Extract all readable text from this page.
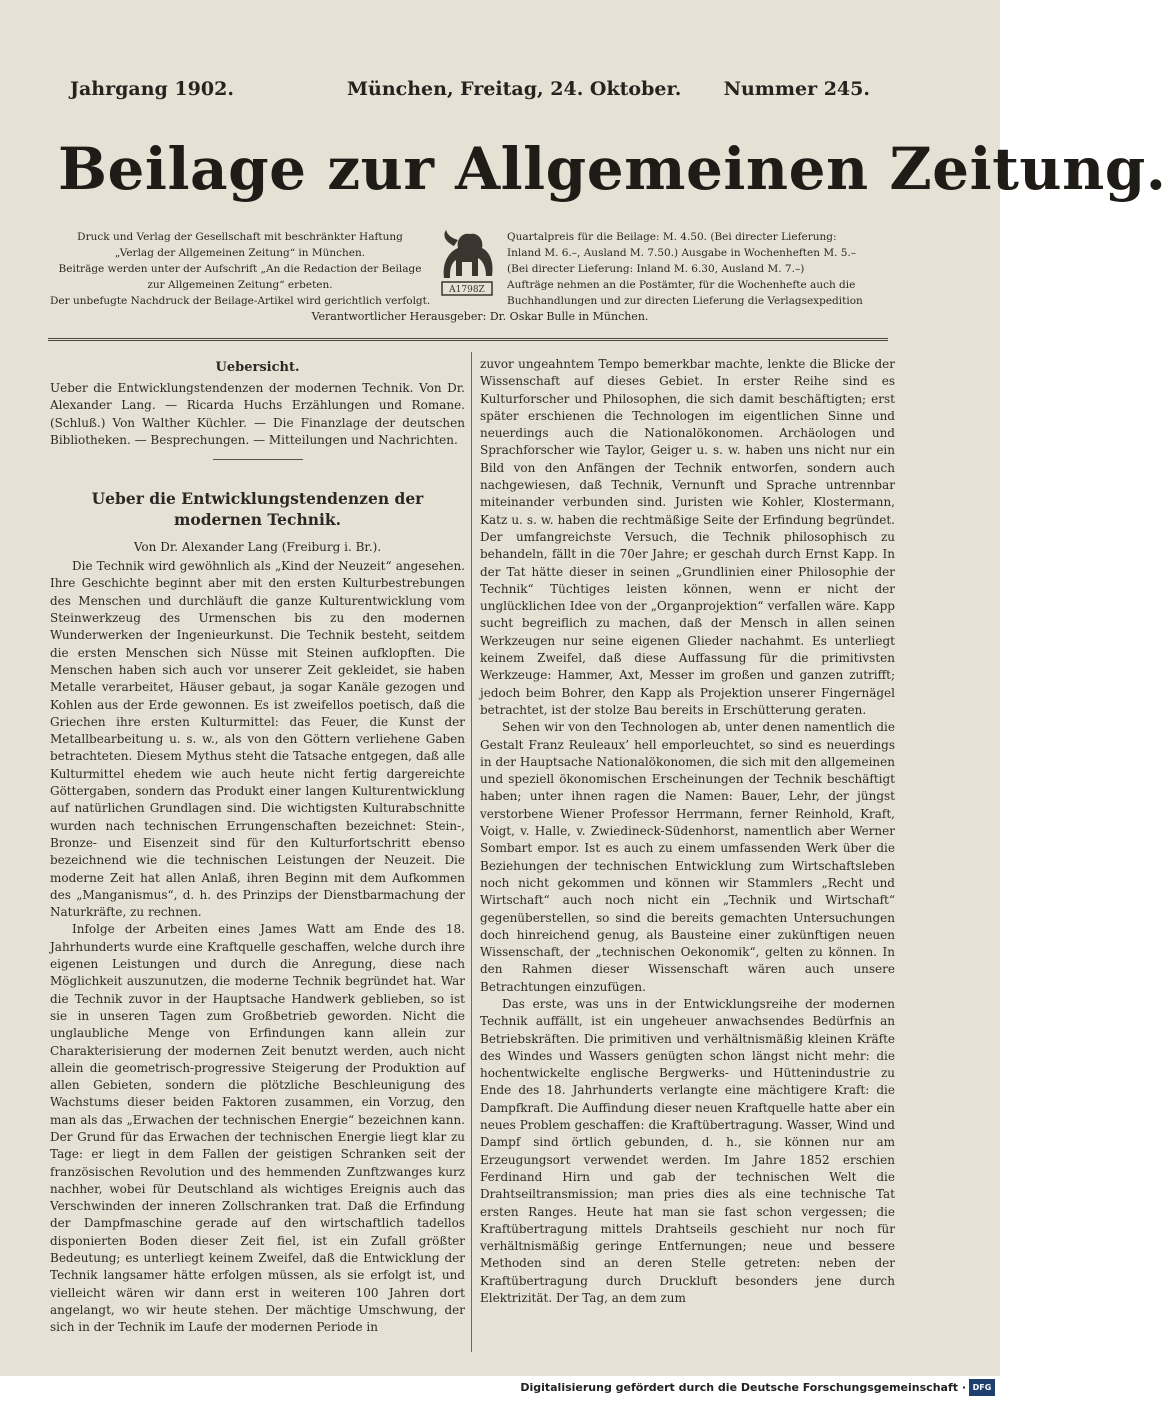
Jahrgang 1902.	München, Freitag, 24. Oktober. Nummer 245.
Beilage zur Allgemeinen Zeitung.
Druck und Verlag der Gesellschaft mit beschränkter Haftung
„Verlag der Allgemeinen Zeitung“ in München.
Beiträge werden unter der Aufschrift „An die Redaction der Beilage
zur Allgemeinen Zeitung“ erbeten.
Der unbefugte Nachdruck der Beilage-Artikel wird gerichtlich verfolgt.
A1798Z
Quartalpreis für die Beilage: M. 4.50. (Bei directer Lieferung:
Inland M. 6.–, Ausland M. 7.50.) Ausgabe in Wochenheften M. 5.–
(Bei directer Lieferung: Inland M. 6.30, Ausland M. 7.–)
Aufträge nehmen an die Postämter, für die Wochenhefte auch die
Buchhandlungen und zur directen Lieferung die Verlagsexpedition
Verantwortlicher Herausgeber: Dr. Oskar Bulle in München.
Uebersicht.

Ueber die Entwicklungstendenzen der modernen Technik. Von Dr. Alexander Lang. — Ricarda Huchs Erzählungen und Romane. (Schluß.) Von Walther Küchler. — Die Finanzlage der deutschen Bibliotheken. — Besprechungen. — Mitteilungen und Nachrichten.

Ueber die Entwicklungstendenzen der modernen Technik.
Von Dr. Alexander Lang (Freiburg i. Br.).

Die Technik wird gewöhnlich als „Kind der Neuzeit“ angesehen. Ihre Geschichte beginnt aber mit den ersten Kulturbestrebungen des Menschen und durchläuft die ganze Kulturentwicklung vom Steinwerkzeug des Urmenschen bis zu den modernen Wunderwerken der Ingenieurkunst. Die Technik besteht, seitdem die ersten Menschen sich Nüsse mit Steinen aufklopften. Die Menschen haben sich auch vor unserer Zeit gekleidet, sie haben Metalle verarbeitet, Häuser gebaut, ja sogar Kanäle gezogen und Kohlen aus der Erde gewonnen. Es ist zweifellos poetisch, daß die Griechen ihre ersten Kulturmittel: das Feuer, die Kunst der Metallbearbeitung u. s. w., als von den Göttern verliehene Gaben betrachteten. Diesem Mythus steht die Tatsache entgegen, daß alle Kulturmittel ehedem wie auch heute nicht fertig dargereichte Göttergaben, sondern das Produkt einer langen Kulturentwicklung auf natürlichen Grundlagen sind. Die wichtigsten Kulturabschnitte wurden nach technischen Errungenschaften bezeichnet: Stein-, Bronze- und Eisenzeit sind für den Kulturfortschritt ebenso bezeichnend wie die technischen Leistungen der Neuzeit. Die moderne Zeit hat allen Anlaß, ihren Beginn mit dem Aufkommen des „Manganismus“, d. h. des Prinzips der Dienstbarmachung der Naturkräfte, zu rechnen.

Infolge der Arbeiten eines James Watt am Ende des 18. Jahrhunderts wurde eine Kraftquelle geschaffen, welche durch ihre eigenen Leistungen und durch die Anregung, diese nach Möglichkeit auszunutzen, die moderne Technik begründet hat. War die Technik zuvor in der Hauptsache Handwerk geblieben, so ist sie in unseren Tagen zum Großbetrieb geworden. Nicht die unglaubliche Menge von Erfindungen kann allein zur Charakterisierung der modernen Zeit benutzt werden, auch nicht allein die geometrisch-progressive Steigerung der Produktion auf allen Gebieten, sondern die plötzliche Beschleunigung des Wachstums dieser beiden Faktoren zusammen, ein Vorzug, den man als das „Erwachen der technischen Energie“ bezeichnen kann. Der Grund für das Erwachen der technischen Energie liegt klar zu Tage: er liegt in dem Fallen der geistigen Schranken seit der französischen Revolution und des hemmenden Zunftzwanges kurz nachher, wobei für Deutschland als wichtiges Ereignis auch das Verschwinden der inneren Zollschranken trat. Daß die Erfindung der Dampfmaschine gerade auf den wirtschaftlich tadellos disponierten Boden dieser Zeit fiel, ist ein Zufall größter Bedeutung; es unterliegt keinem Zweifel, daß die Entwicklung der Technik langsamer hätte erfolgen müssen, als sie erfolgt ist, und vielleicht wären wir dann erst in weiteren 100 Jahren dort angelangt, wo wir heute stehen. Der mächtige Umschwung, der sich in der Technik im Laufe der modernen Periode in

zuvor ungeahntem Tempo bemerkbar machte, lenkte die Blicke der Wissenschaft auf dieses Gebiet. In erster Reihe sind es Kulturforscher und Philosophen, die sich damit beschäftigten; erst später erschienen die Technologen im eigentlichen Sinne und neuerdings auch die Nationalökonomen. Archäologen und Sprachforscher wie Taylor, Geiger u. s. w. haben uns nicht nur ein Bild von den Anfängen der Technik entworfen, sondern auch nachgewiesen, daß Technik, Vernunft und Sprache untrennbar miteinander verbunden sind. Juristen wie Kohler, Klostermann, Katz u. s. w. haben die rechtmäßige Seite der Erfindung begründet. Der umfangreichste Versuch, die Technik philosophisch zu behandeln, fällt in die 70er Jahre; er geschah durch Ernst Kapp. In der Tat hätte dieser in seinen „Grundlinien einer Philosophie der Technik“ Tüchtiges leisten können, wenn er nicht der unglücklichen Idee von der „Organprojektion“ verfallen wäre. Kapp sucht begreiflich zu machen, daß der Mensch in allen seinen Werkzeugen nur seine eigenen Glieder nachahmt. Es unterliegt keinem Zweifel, daß diese Auffassung für die primitivsten Werkzeuge: Hammer, Axt, Messer im großen und ganzen zutrifft; jedoch beim Bohrer, den Kapp als Projektion unserer Fingernägel betrachtet, ist der stolze Bau bereits in Erschütterung geraten.

Sehen wir von den Technologen ab, unter denen namentlich die Gestalt Franz Reuleaux’ hell emporleuchtet, so sind es neuerdings in der Hauptsache Nationalökonomen, die sich mit den allgemeinen und speziell ökonomischen Erscheinungen der Technik beschäftigt haben; unter ihnen ragen die Namen: Bauer, Lehr, der jüngst verstorbene Wiener Professor Herrmann, ferner Reinhold, Kraft, Voigt, v. Halle, v. Zwiedineck-Südenhorst, namentlich aber Werner Sombart empor. Ist es auch zu einem umfassenden Werk über die Beziehungen der technischen Entwicklung zum Wirtschaftsleben noch nicht gekommen und können wir Stammlers „Recht und Wirtschaft“ auch noch nicht ein „Technik und Wirtschaft“ gegenüberstellen, so sind die bereits gemachten Untersuchungen doch hinreichend genug, als Bausteine einer zukünftigen neuen Wissenschaft, der „technischen Oekonomik“, gelten zu können. In den Rahmen dieser Wissenschaft wären auch unsere Betrachtungen einzufügen.

Das erste, was uns in der Entwicklungsreihe der modernen Technik auffällt, ist ein ungeheuer anwachsendes Bedürfnis an Betriebskräften. Die primitiven und verhältnismäßig kleinen Kräfte des Windes und Wassers genügten schon längst nicht mehr: die hochentwickelte englische Bergwerks- und Hüttenindustrie zu Ende des 18. Jahrhunderts verlangte eine mächtigere Kraft: die Dampfkraft. Die Auffindung dieser neuen Kraftquelle hatte aber ein neues Problem geschaffen: die Kraftübertragung. Wasser, Wind und Dampf sind örtlich gebunden, d. h., sie können nur am Erzeugungsort verwendet werden. Im Jahre 1852 erschien Ferdinand Hirn und gab der technischen Welt die Drahtseiltransmission; man pries dies als eine technische Tat ersten Ranges. Heute hat man sie fast schon vergessen; die Kraftübertragung mittels Drahtseils geschieht nur noch für verhältnismäßig geringe Entfernungen; neue und bessere Methoden sind an deren Stelle getreten: neben der Kraftübertragung durch Druckluft besonders jene durch Elektrizität. Der Tag, an dem zum

Digitalisierung gefördert durch die Deutsche Forschungsgemeinschaft · DFG
